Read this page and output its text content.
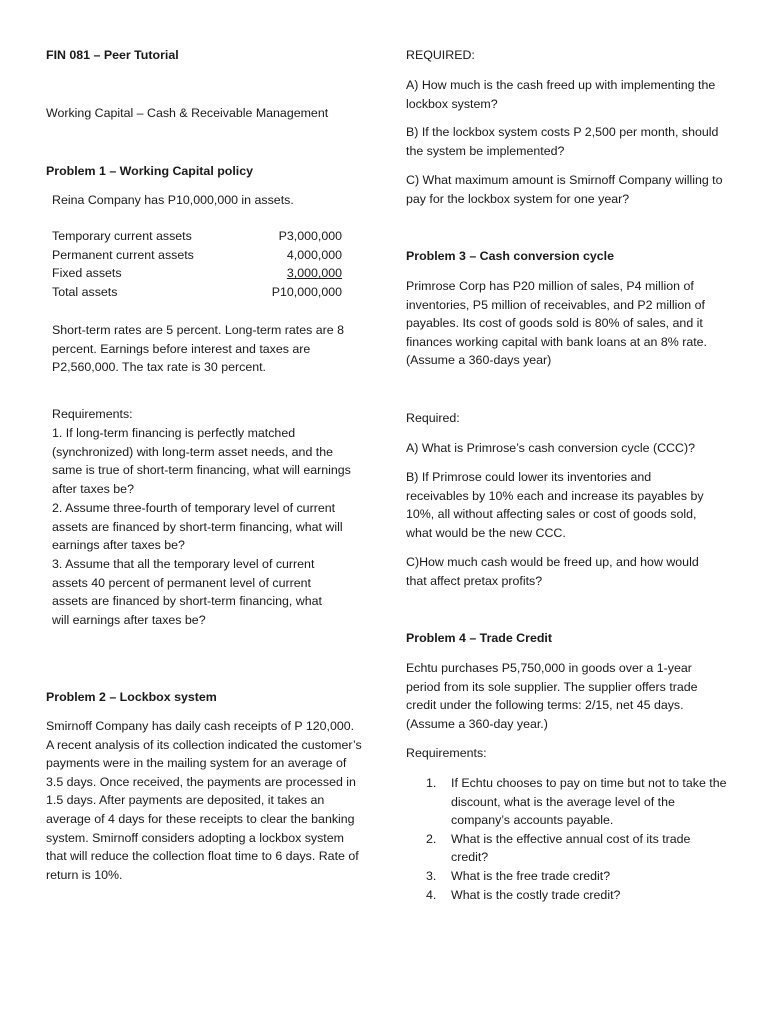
FIN 081 – Peer Tutorial

Working Capital – Cash & Receivable Management

Problem 1 – Working Capital policy

Reina Company has P10,000,000 in assets.

Temporary current assets	P3,000,000
Permanent current assets	4,000,000
Fixed assets	3,000,000
Total assets	P10,000,000

Short-term rates are 5 percent. Long-term rates are 8 percent. Earnings before interest and taxes are P2,560,000. The tax rate is 30 percent.

Requirements:

1. If long-term financing is perfectly matched (synchronized) with long-term asset needs, and the same is true of short-term financing, what will earnings after taxes be?

2. Assume three-fourth of temporary level of current assets are financed by short-term financing, what will earnings after taxes be?

3. Assume that all the temporary level of current assets 40 percent of permanent level of current assets are financed by short-term financing, what will earnings after taxes be?

Problem 2 – Lockbox system

Smirnoff Company has daily cash receipts of P 120,000. A recent analysis of its collection indicated the customer’s payments were in the mailing system for an average of 3.5 days. Once received, the payments are processed in 1.5 days. After payments are deposited, it takes an average of 4 days for these receipts to clear the banking system. Smirnoff considers adopting a lockbox system that will reduce the collection float time to 6 days. Rate of return is 10%.

REQUIRED:

A) How much is the cash freed up with implementing the lockbox system?

B) If the lockbox system costs P 2,500 per month, should the system be implemented?

C) What maximum amount is Smirnoff Company willing to pay for the lockbox system for one year?

Problem 3 – Cash conversion cycle

Primrose Corp has P20 million of sales, P4 million of inventories, P5 million of receivables, and P2 million of payables. Its cost of goods sold is 80% of sales, and it finances working capital with bank loans at an 8% rate. (Assume a 360-days year)

Required:

A) What is Primrose’s cash conversion cycle (CCC)?

B) If Primrose could lower its inventories and receivables by 10% each and increase its payables by 10%, all without affecting sales or cost of goods sold, what would be the new CCC.

C)How much cash would be freed up, and how would that affect pretax profits?

Problem 4 – Trade Credit

Echtu purchases P5,750,000 in goods over a 1-year period from its sole supplier. The supplier offers trade credit under the following terms: 2/15, net 45 days. (Assume a 360-day year.)

Requirements:

1. If Echtu chooses to pay on time but not to take the discount, what is the average level of the company’s accounts payable.
2. What is the effective annual cost of its trade credit?
3. What is the free trade credit?
4. What is the costly trade credit?
